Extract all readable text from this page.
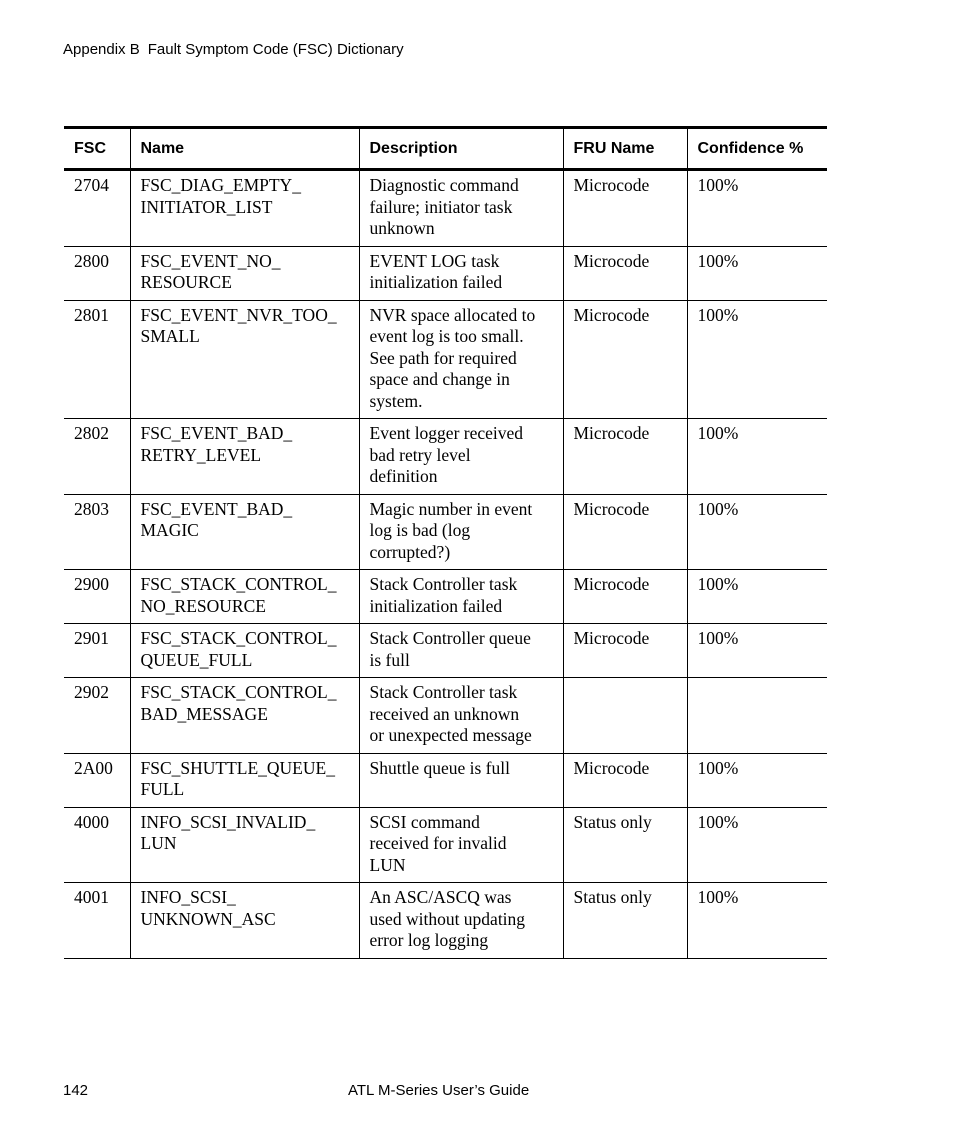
Appendix B Fault Symptom Code (FSC) Dictionary
FSC	Name	Description	FRU Name	Confidence %

2704	FSC_DIAG_EMPTY_
INITIATOR_LIST	Diagnostic command
failure; initiator task
unknown	Microcode	100%

2800	FSC_EVENT_NO_
RESOURCE	EVENT LOG task
initialization failed	Microcode	100%

2801	FSC_EVENT_NVR_TOO_
SMALL	NVR space allocated to
event log is too small.
See path for required
space and change in
system.	Microcode	100%

2802	FSC_EVENT_BAD_
RETRY_LEVEL	Event logger received
bad retry level
definition	Microcode	100%

2803	FSC_EVENT_BAD_
MAGIC	Magic number in event
log is bad (log
corrupted?)	Microcode	100%

2900	FSC_STACK_CONTROL_
NO_RESOURCE	Stack Controller task
initialization failed	Microcode	100%

2901	FSC_STACK_CONTROL_
QUEUE_FULL	Stack Controller queue
is full	Microcode	100%

2902	FSC_STACK_CONTROL_
BAD_MESSAGE	Stack Controller task
received an unknown
or unexpected message		

2A00	FSC_SHUTTLE_QUEUE_
FULL	Shuttle queue is full	Microcode	100%

4000	INFO_SCSI_INVALID_
LUN	SCSI command
received for invalid
LUN	Status only	100%

4001	INFO_SCSI_
UNKNOWN_ASC	An ASC/ASCQ was
used without updating
error log logging	Status only	100%
142	ATL M-Series User’s Guide
